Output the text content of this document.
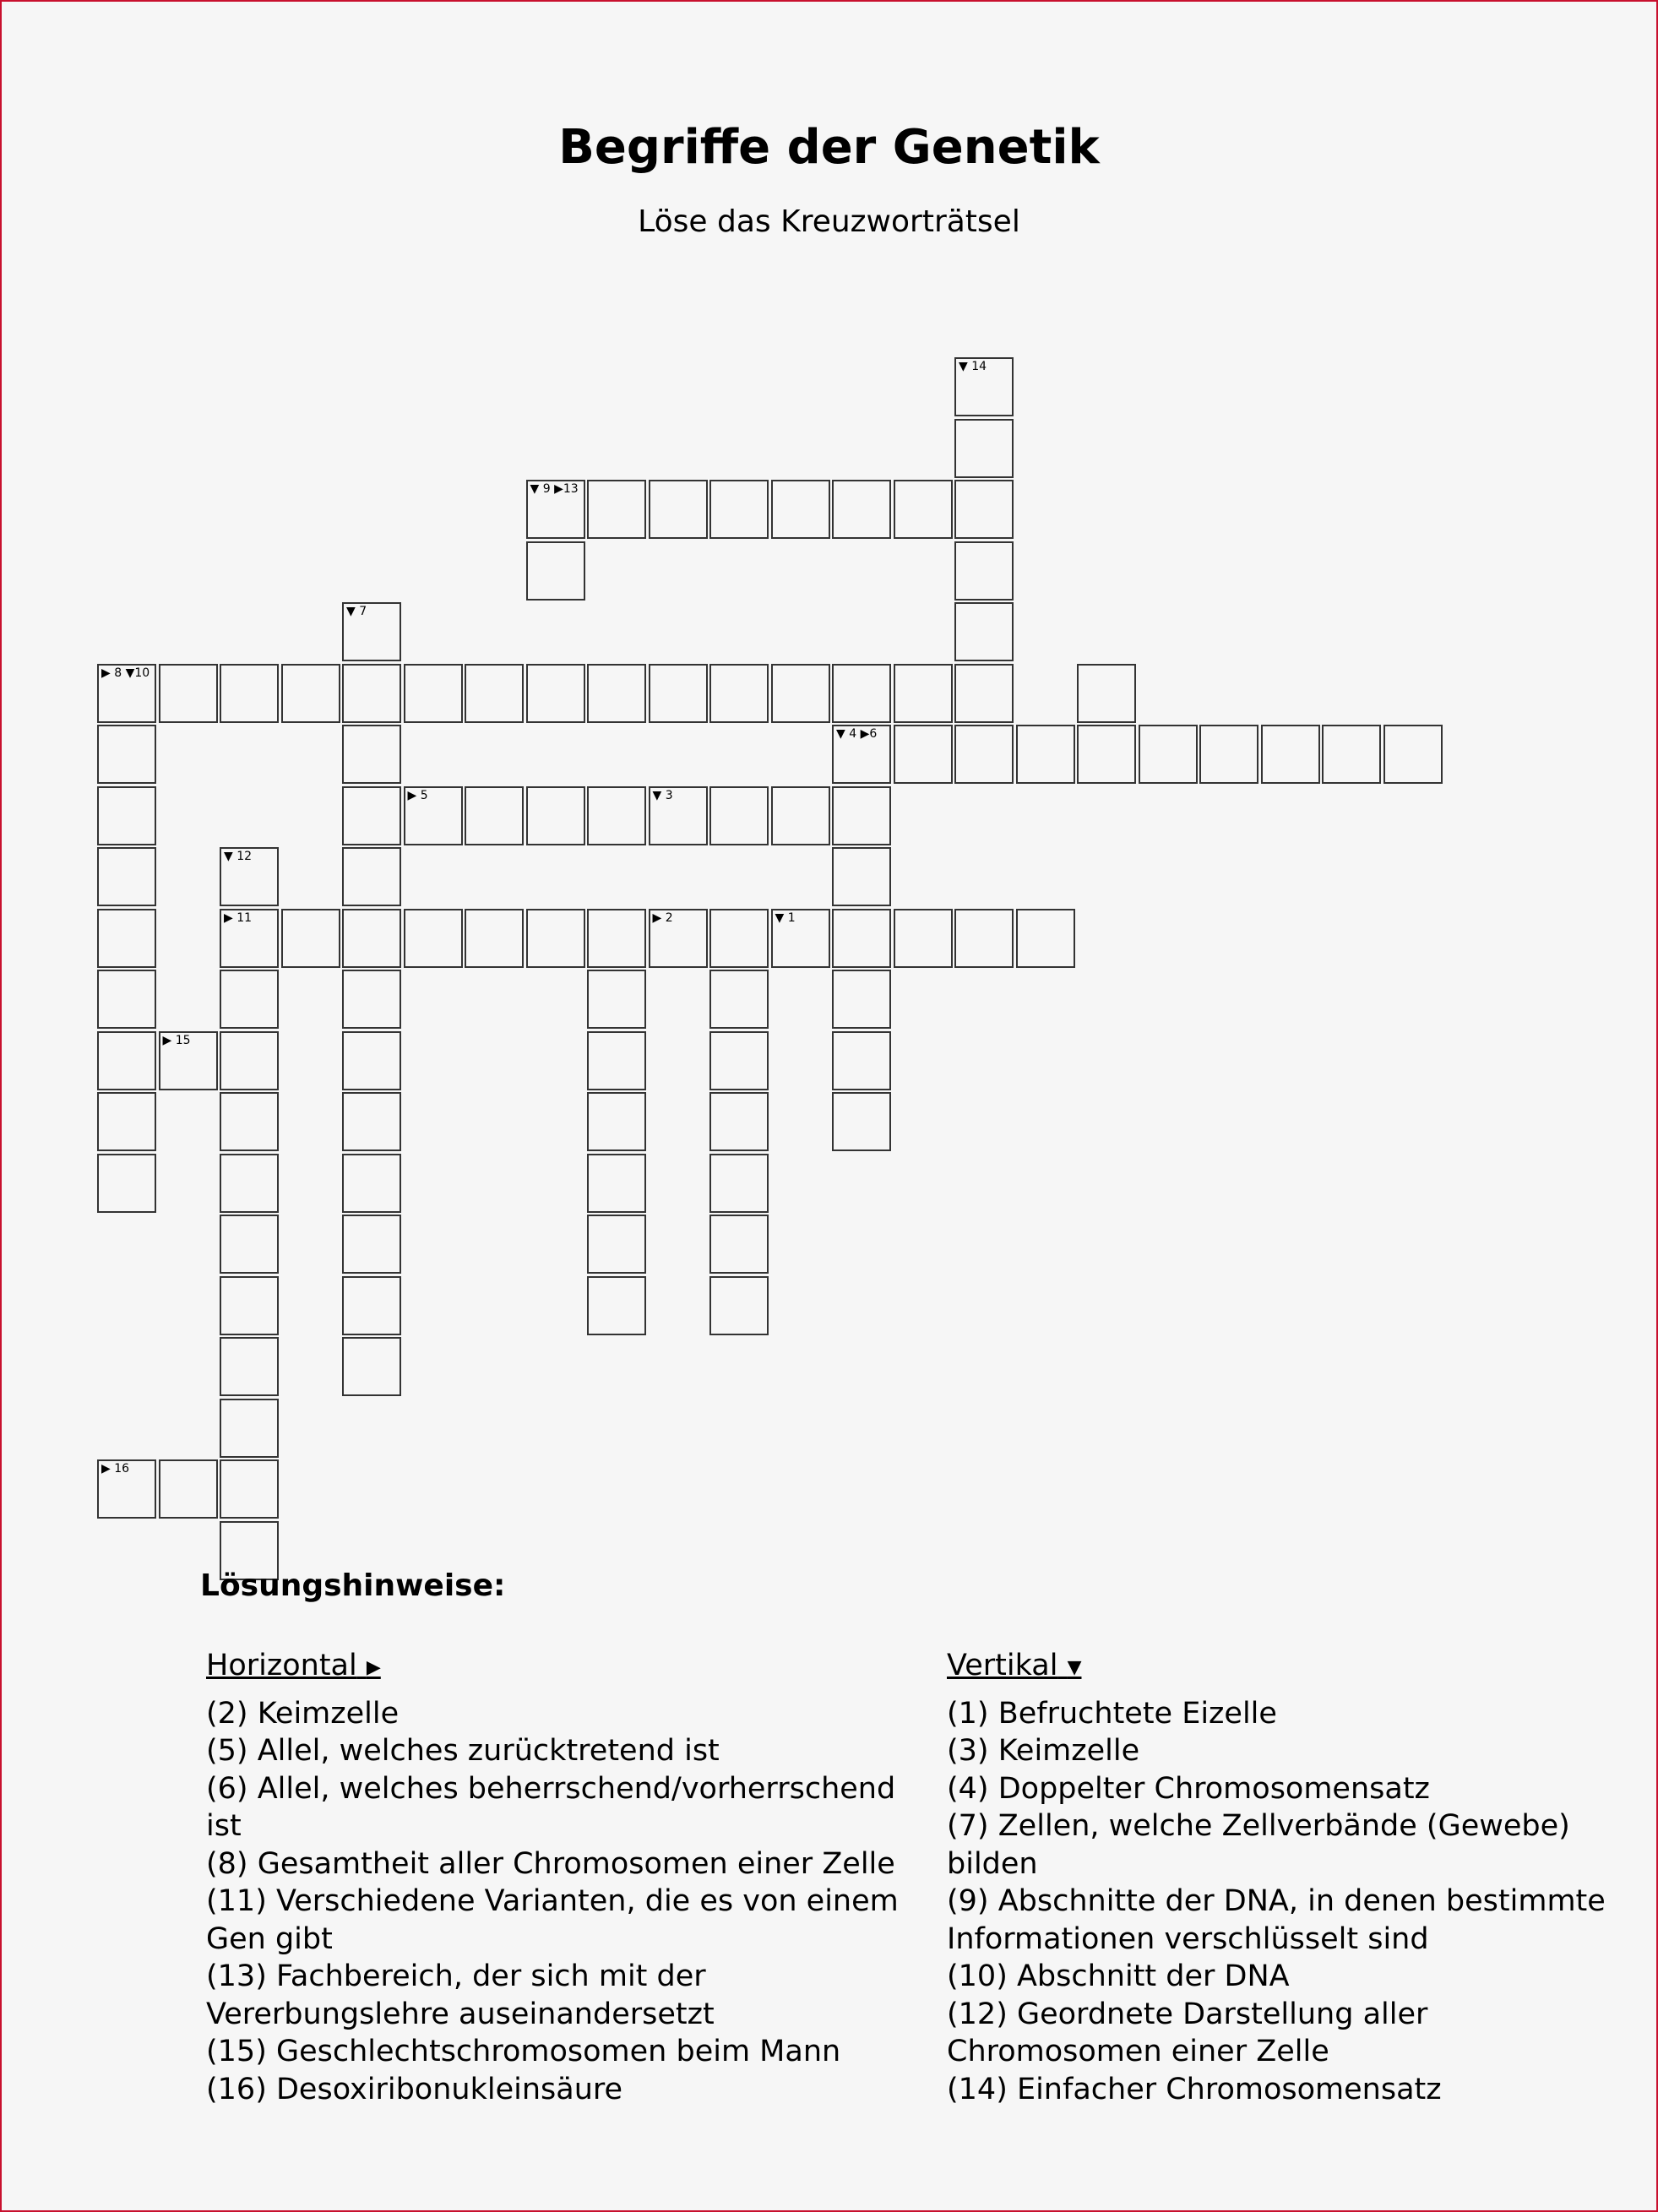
Begriffe der Genetik
Löse das Kreuzworträtsel
▼ 14
▼ 9 ▶13
▼ 7
▶ 8 ▼10
▼ 4 ▶6
▶ 5	▼ 3
▼ 12
▶ 11	▶ 2	▼ 1
▶ 15
▶ 16
Lösungshinweise:
Horizontal ▶
(2) Keimzelle
(5) Allel, welches zurücktretend ist
(6) Allel, welches beherrschend/vorherrschend ist
(8) Gesamtheit aller Chromosomen einer Zelle
(11) Verschiedene Varianten, die es von einem Gen gibt
(13) Fachbereich, der sich mit der Vererbungslehre auseinandersetzt
(15) Geschlechtschromosomen beim Mann
(16) Desoxiribonukleinsäure
Vertikal ▼
(1) Befruchtete Eizelle
(3) Keimzelle
(4) Doppelter Chromosomensatz
(7) Zellen, welche Zellverbände (Gewebe) bilden
(9) Abschnitte der DNA, in denen bestimmte Informationen verschlüsselt sind
(10) Abschnitt der DNA
(12) Geordnete Darstellung aller Chromosomen einer Zelle
(14) Einfacher Chromosomensatz
